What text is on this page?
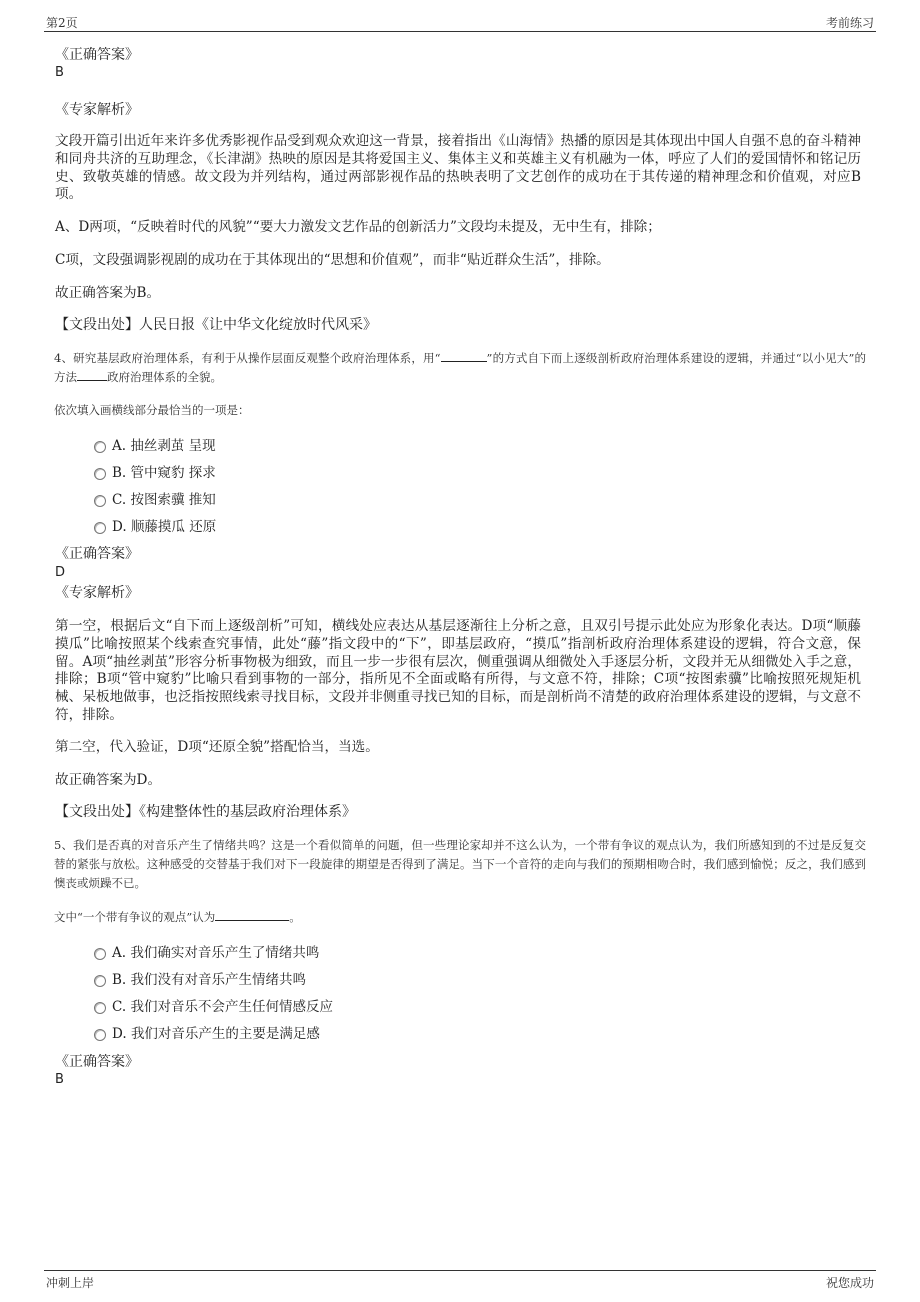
第2页	考前练习
《正确答案》
B
《专家解析》
文段开篇引出近年来许多优秀影视作品受到观众欢迎这一背景，接着指出《山海情》热播的原因是其体现出中国人自强不息的奋斗精神和同舟共济的互助理念，《长津湖》热映的原因是其将爱国主义、集体主义和英雄主义有机融为一体，呼应了人们的爱国情怀和铭记历史、致敬英雄的情感。故文段为并列结构，通过两部影视作品的热映表明了文艺创作的成功在于其传递的精神理念和价值观，对应B项。
A、D两项，“反映着时代的风貌”“要大力激发文艺作品的创新活力”文段均未提及，无中生有，排除；
C项，文段强调影视剧的成功在于其体现出的“思想和价值观”，而非“贴近群众生活”，排除。
故正确答案为B。
【文段出处】人民日报《让中华文化绽放时代风采》
4、研究基层政府治理体系，有利于从操作层面反观整个政府治理体系，用“	”的方式自下而上逐级剖析政府治理体系建设的逻辑，并通过“以小见大”的方法	政府治理体系的全貌。
依次填入画横线部分最恰当的一项是：
A. 抽丝剥茧 呈现
B. 管中窥豹 探求
C. 按图索骥 推知
D. 顺藤摸瓜 还原
《正确答案》
D
《专家解析》
第一空，根据后文“自下而上逐级剖析”可知，横线处应表达从基层逐渐往上分析之意，且双引号提示此处应为形象化表达。D项“顺藤摸瓜”比喻按照某个线索查究事情，此处“藤”指文段中的“下”，即基层政府，“摸瓜”指剖析政府治理体系建设的逻辑，符合文意，保留。A项“抽丝剥茧”形容分析事物极为细致，而且一步一步很有层次，侧重强调从细微处入手逐层分析，文段并无从细微处入手之意，排除；B项“管中窥豹”比喻只看到事物的一部分，指所见不全面或略有所得，与文意不符，排除；C项“按图索骥”比喻按照死规矩机械、呆板地做事，也泛指按照线索寻找目标，文段并非侧重寻找已知的目标，而是剖析尚不清楚的政府治理体系建设的逻辑，与文意不符，排除。
第二空，代入验证，D项“还原全貌”搭配恰当，当选。
故正确答案为D。
【文段出处】《构建整体性的基层政府治理体系》
5、我们是否真的对音乐产生了情绪共鸣？这是一个看似简单的问题，但一些理论家却并不这么认为，一个带有争议的观点认为，我们所感知到的不过是反复交替的紧张与放松。这种感受的交替基于我们对下一段旋律的期望是否得到了满足。当下一个音符的走向与我们的预期相吻合时，我们感到愉悦；反之，我们感到懊丧或烦躁不已。
文中“一个带有争议的观点”认为	。
A. 我们确实对音乐产生了情绪共鸣
B. 我们没有对音乐产生情绪共鸣
C. 我们对音乐不会产生任何情感反应
D. 我们对音乐产生的主要是满足感
《正确答案》
B
冲刺上岸	祝您成功
